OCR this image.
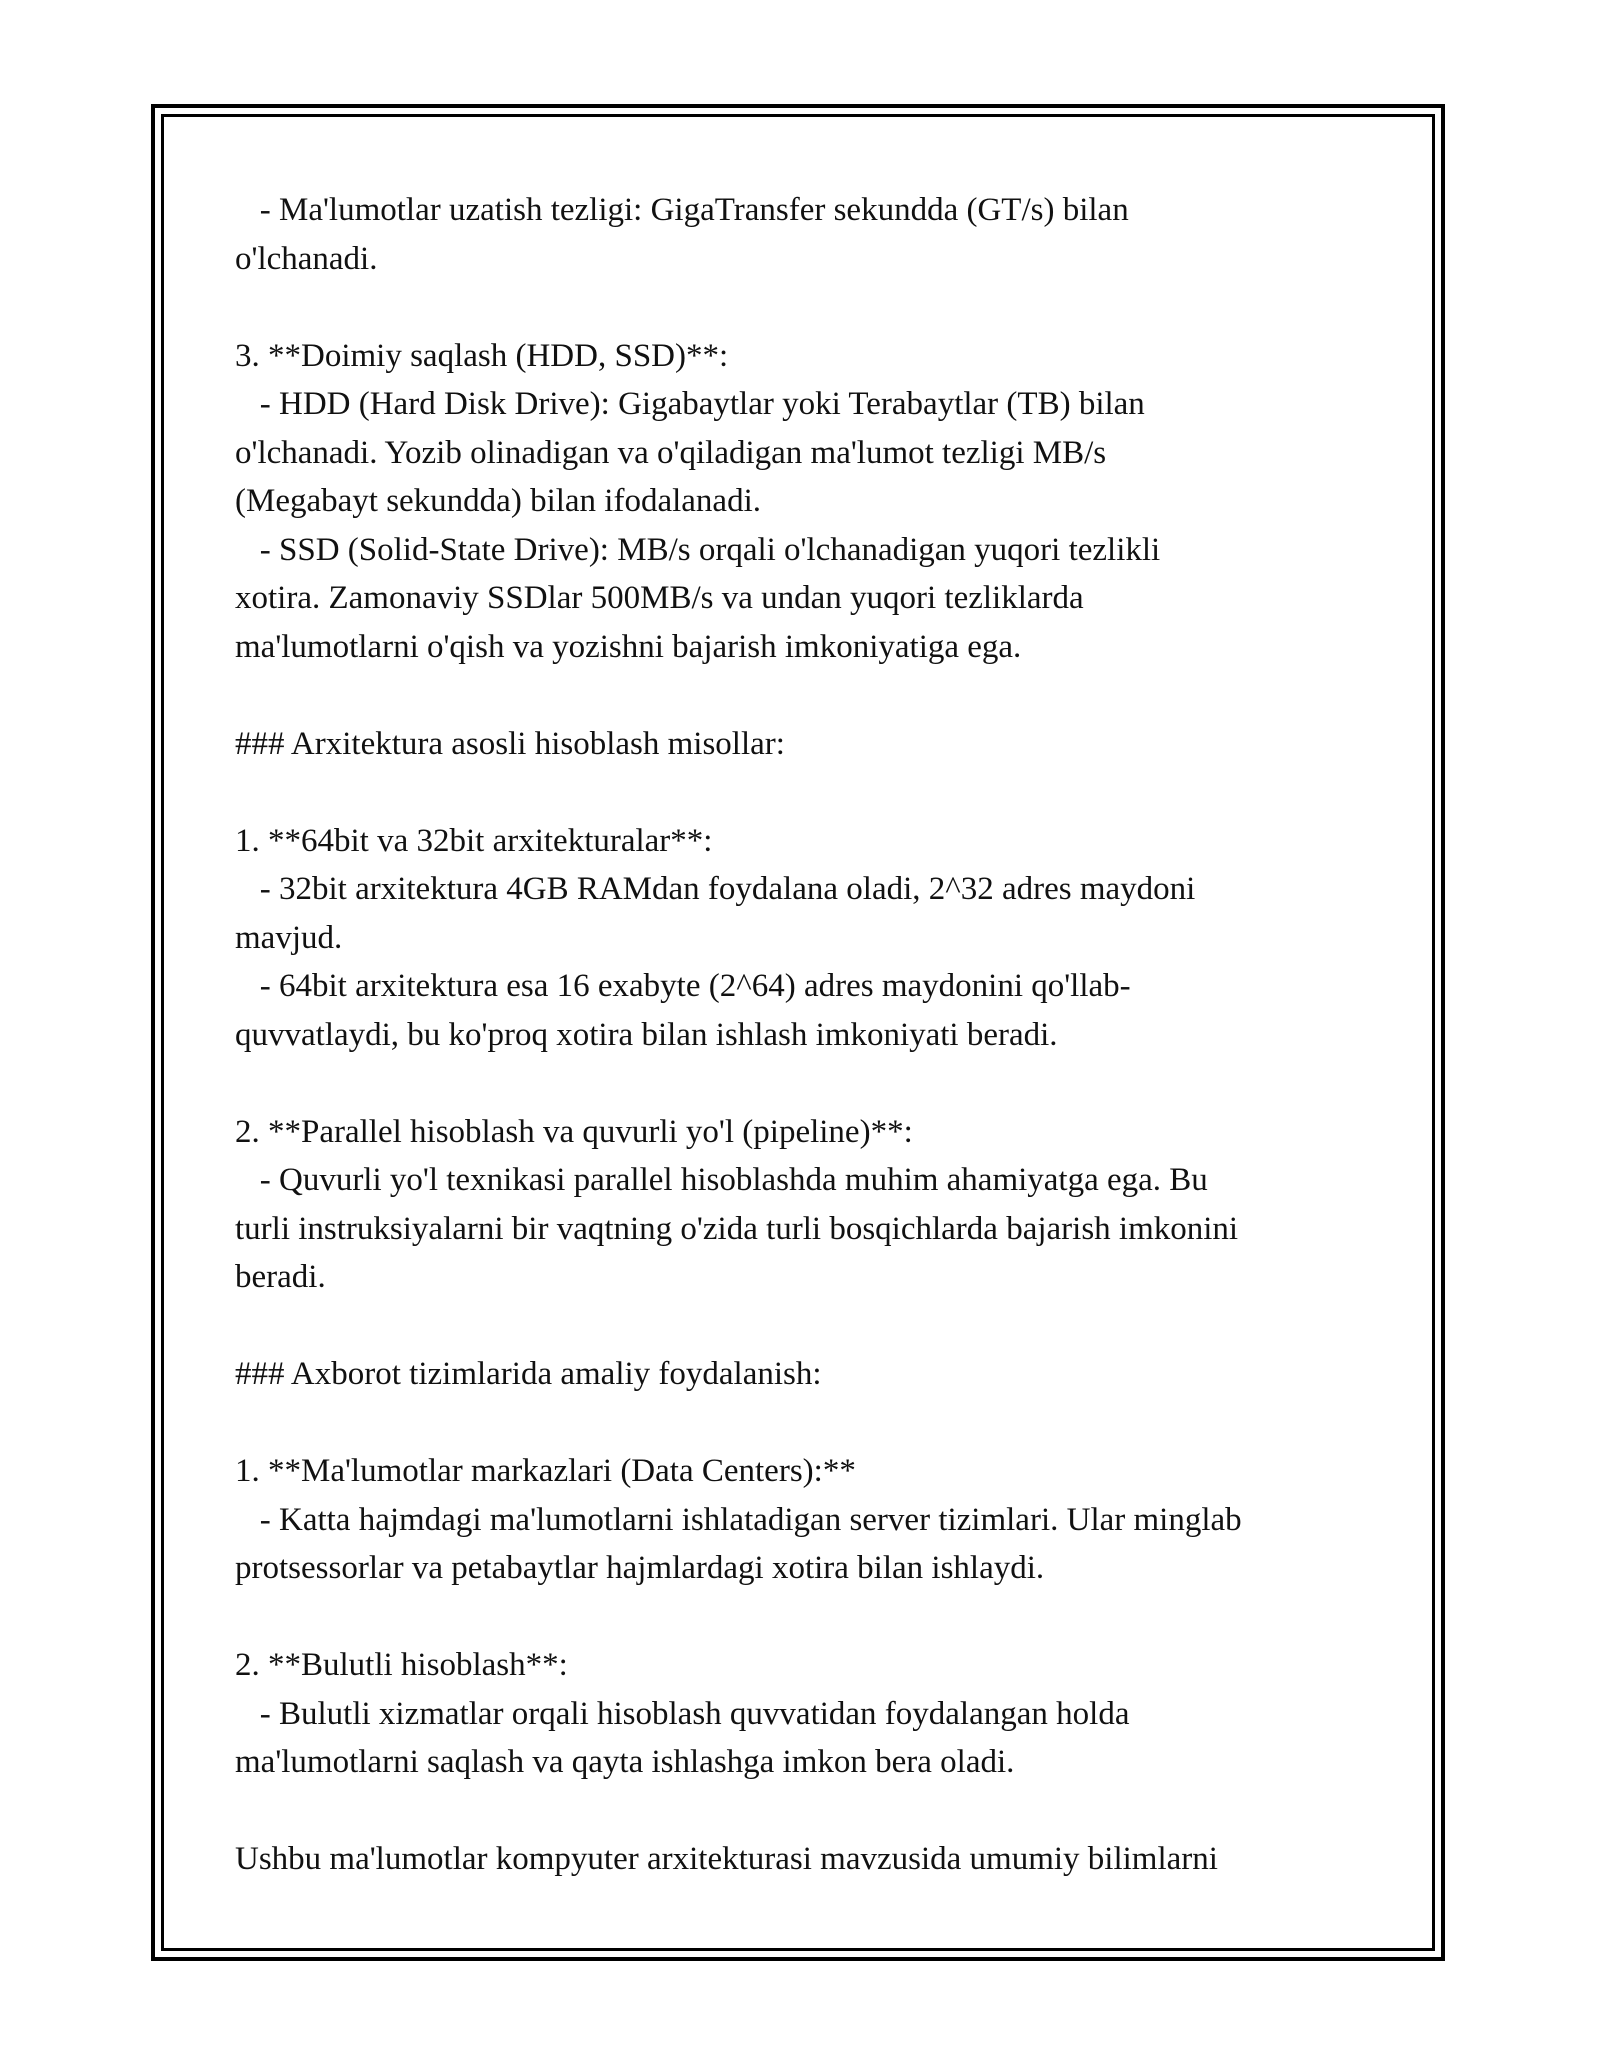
- Ma'lumotlar uzatish tezligi: GigaTransfer sekundda (GT/s) bilan
o'lchanadi.
3. **Doimiy saqlash (HDD, SSD)**:
- HDD (Hard Disk Drive): Gigabaytlar yoki Terabaytlar (TB) bilan
o'lchanadi. Yozib olinadigan va o'qiladigan ma'lumot tezligi MB/s
(Megabayt sekundda) bilan ifodalanadi.
- SSD (Solid-State Drive): MB/s orqali o'lchanadigan yuqori tezlikli
xotira. Zamonaviy SSDlar 500MB/s va undan yuqori tezliklarda
ma'lumotlarni o'qish va yozishni bajarish imkoniyatiga ega.
### Arxitektura asosli hisoblash misollar:
1. **64bit va 32bit arxitekturalar**:
- 32bit arxitektura 4GB RAMdan foydalana oladi, 2^32 adres maydoni
mavjud.
- 64bit arxitektura esa 16 exabyte (2^64) adres maydonini qo'llab-
quvvatlaydi, bu ko'proq xotira bilan ishlash imkoniyati beradi.
2. **Parallel hisoblash va quvurli yo'l (pipeline)**:
- Quvurli yo'l texnikasi parallel hisoblashda muhim ahamiyatga ega. Bu
turli instruksiyalarni bir vaqtning o'zida turli bosqichlarda bajarish imkonini
beradi.
### Axborot tizimlarida amaliy foydalanish:
1. **Ma'lumotlar markazlari (Data Centers):**
- Katta hajmdagi ma'lumotlarni ishlatadigan server tizimlari. Ular minglab
protsessorlar va petabaytlar hajmlardagi xotira bilan ishlaydi.
2. **Bulutli hisoblash**:
- Bulutli xizmatlar orqali hisoblash quvvatidan foydalangan holda
ma'lumotlarni saqlash va qayta ishlashga imkon bera oladi.
Ushbu ma'lumotlar kompyuter arxitekturasi mavzusida umumiy bilimlarni
